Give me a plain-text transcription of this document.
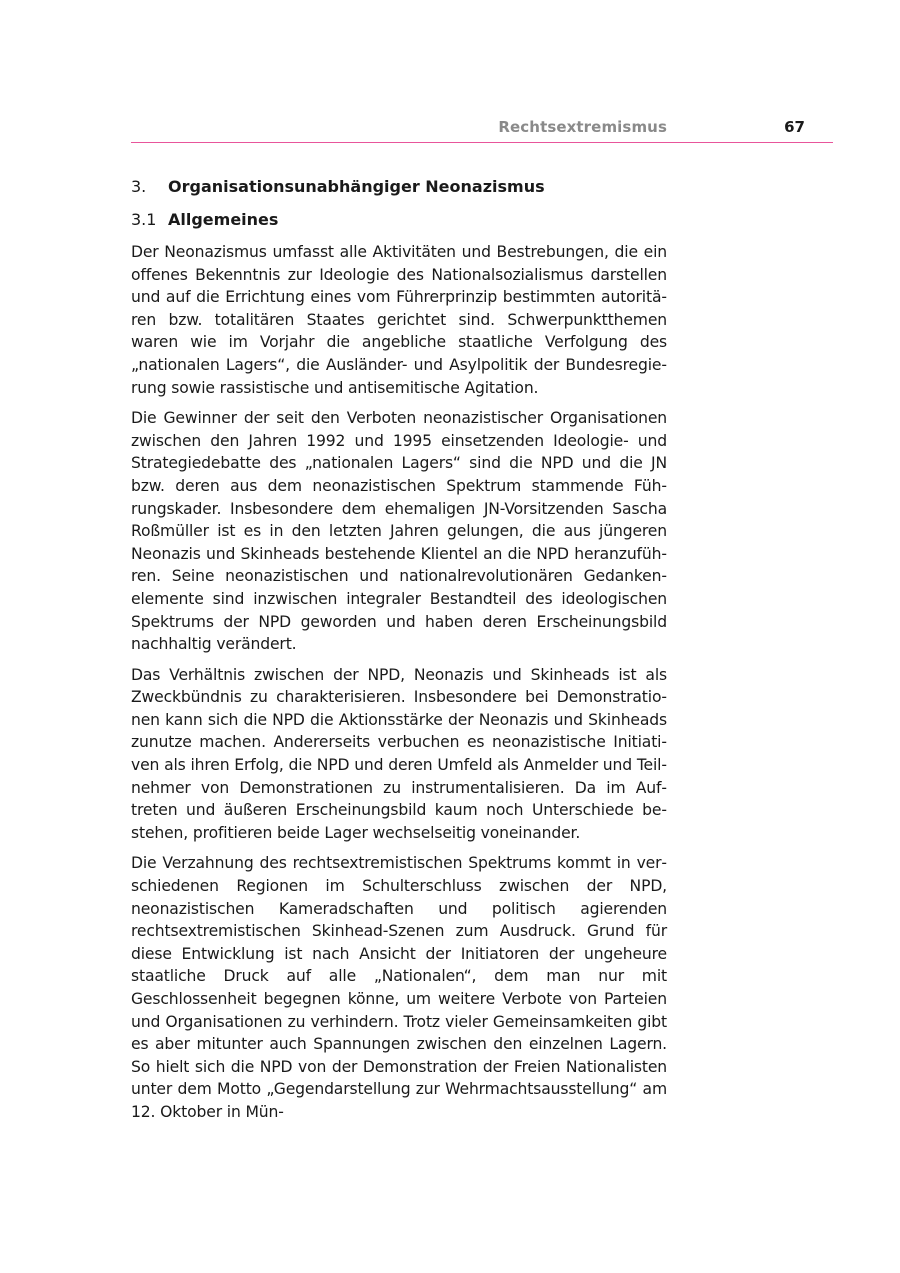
Rechtsextremismus	67
3. Organisationsunabhängiger Neonazismus
3.1 Allgemeines

Der Neonazismus umfasst alle Aktivitäten und Bestrebungen, die ein offenes Bekenntnis zur Ideologie des Nationalsozialismus darstellen und auf die Errichtung eines vom Führerprinzip bestimmten autoritären bzw. totalitären Staates gerichtet sind. Schwerpunktthemen waren wie im Vorjahr die angebliche staatliche Verfolgung des „nationalen Lagers“, die Ausländer- und Asylpolitik der Bundesregierung sowie rassistische und antisemitische Agitation.

Die Gewinner der seit den Verboten neonazistischer Organisationen zwischen den Jahren 1992 und 1995 einsetzenden Ideologie- und Strategiedebatte des „nationalen Lagers“ sind die NPD und die JN bzw. deren aus dem neonazistischen Spektrum stammende Führungskader. Insbesondere dem ehemaligen JN-Vorsitzenden Sascha Roßmüller ist es in den letzten Jahren gelungen, die aus jüngeren Neonazis und Skinheads bestehende Klientel an die NPD heranzuführen. Seine neonazistischen und nationalrevolutionären Gedankenelemente sind inzwischen integraler Bestandteil des ideologischen Spektrums der NPD geworden und haben deren Erscheinungsbild nachhaltig verändert.

Das Verhältnis zwischen der NPD, Neonazis und Skinheads ist als Zweckbündnis zu charakterisieren. Insbesondere bei Demonstrationen kann sich die NPD die Aktionsstärke der Neonazis und Skinheads zunutze machen. Andererseits verbuchen es neonazistische Initiativen als ihren Erfolg, die NPD und deren Umfeld als Anmelder und Teilnehmer von Demonstrationen zu instrumentalisieren. Da im Auftreten und äußeren Erscheinungsbild kaum noch Unterschiede bestehen, profitieren beide Lager wechselseitig voneinander.

Die Verzahnung des rechtsextremistischen Spektrums kommt in verschiedenen Regionen im Schulterschluss zwischen der NPD, neonazistischen Kameradschaften und politisch agierenden rechtsextremistischen Skinhead-Szenen zum Ausdruck. Grund für diese Entwicklung ist nach Ansicht der Initiatoren der ungeheure staatliche Druck auf alle „Nationalen“, dem man nur mit Geschlossenheit begegnen könne, um weitere Verbote von Parteien und Organisationen zu verhindern. Trotz vieler Gemeinsamkeiten gibt es aber mitunter auch Spannungen zwischen den einzelnen Lagern. So hielt sich die NPD von der Demonstration der Freien Nationalisten unter dem Motto „Gegendarstellung zur Wehrmachtsausstellung“ am 12. Oktober in Mün-
